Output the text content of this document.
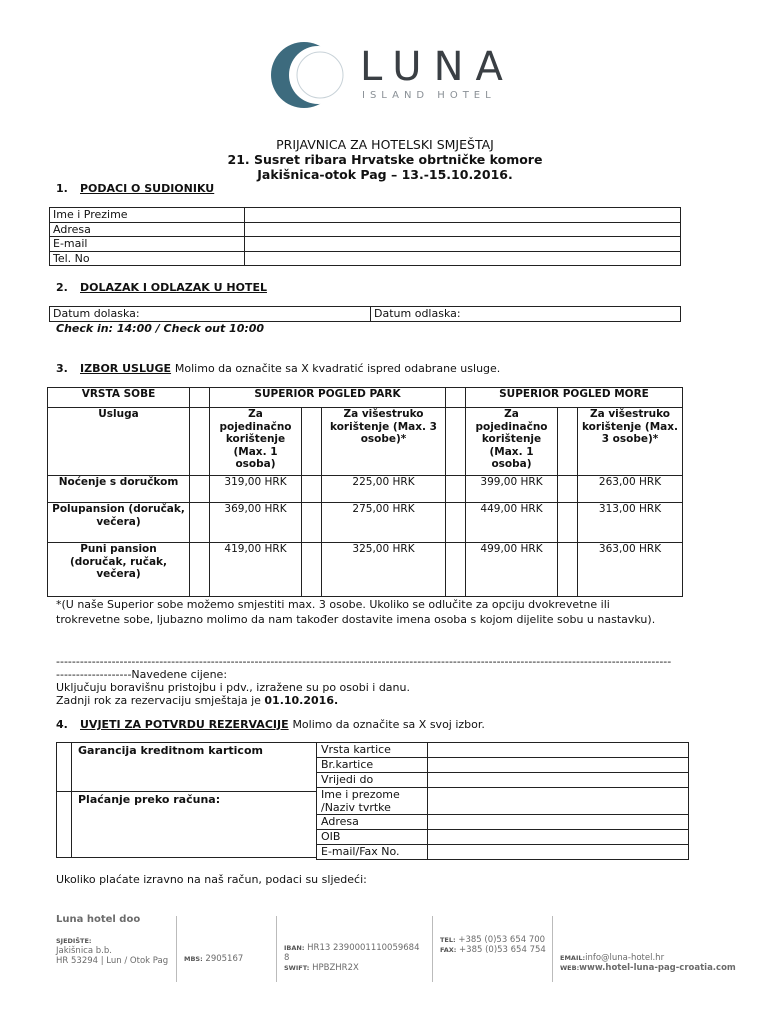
LUNA
ISLAND HOTEL
PRIJAVNICA ZA HOTELSKI SMJEŠTAJ
21. Susret ribara Hrvatske obrtničke komore
Jakišnica-otok Pag – 13.-15.10.2016.
1. PODACI O SUDIONIKU
Ime i Prezime	
Adresa	
E-mail	
Tel. No	
2. DOLAZAK I ODLAZAK U HOTEL
Datum dolaska:	Datum odlaska:
Check in: 14:00 / Check out 10:00
3. IZBOR USLUGE Molimo da označite sa X kvadratić ispred odabrane usluge.
VRSTA SOBE		SUPERIOR POGLED PARK				SUPERIOR POGLED MORE		
Usluga		Za pojedinačno korištenje (Max. 1 osoba)		Za višestruko korištenje (Max. 3 osobe)*		Za pojedinačno korištenje (Max. 1 osoba)		Za višestruko korištenje (Max. 3 osobe)*
Noćenje s doručkom		319,00 HRK		225,00 HRK		399,00 HRK		263,00 HRK
Polupansion (doručak, večera)		369,00 HRK		275,00 HRK		449,00 HRK		313,00 HRK
Puni pansion (doručak, ručak, večera)		419,00 HRK		325,00 HRK		499,00 HRK		363,00 HRK
*(U naše Superior sobe možemo smjestiti max. 3 osobe. Ukoliko se odlučite za opciju dvokrevetne ili trokrevetne sobe, ljubazno molimo da nam također dostavite imena osoba s kojom dijelite sobu u nastavku).
-----------------------------------------------------------------------------------------------------------------------------------------------------------
-------------------Navedene cijene:
Uključuju boravišnu pristojbu i pdv., izražene su po osobi i danu.
Zadnji rok za rezervaciju smještaja je 01.10.2016.
4. UVJETI ZA POTVRDU REZERVACIJE Molimo da označite sa X svoj izbor.
Garancija kreditnom karticom
Plaćanje preko računa:
Vrsta kartice
Br.kartice
Vrijedi do
Ime i prezome /Naziv tvrtke
Adresa
OIB
E-mail/Fax No.
Ukoliko plaćate izravno na naš račun, podaci su sljedeći:
Luna hotel doo
SJEDIŠTE:
Jakišnica b.b.
HR 53294 | Lun / Otok Pag	MBS: 2905167
IBAN: HR13 2390001110059684 8
SWIFT: HPBZHR2X
TEL: +385 (0)53 654 700
FAX: +385 (0)53 654 754
EMAIL:info@luna-hotel.hr
WEB:www.hotel-luna-pag-croatia.com
